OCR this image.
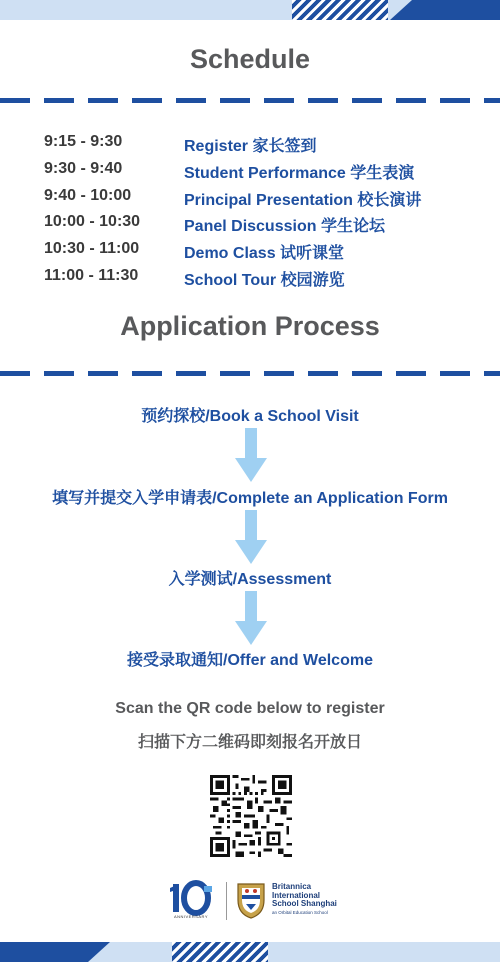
Schedule
9:15 - 9:30	Register 家长签到
9:30 - 9:40	Student Performance 学生表演
9:40 - 10:00	Principal Presentation 校长演讲
10:00 - 10:30	Panel Discussion 学生论坛
10:30 - 11:00	Demo Class 试听课堂
11:00 - 11:30	School Tour 校园游览
Application Process
预约探校/Book a School Visit
填写并提交入学申请表/Complete an Application Form
入学测试/Assessment
接受录取通知/Offer and Welcome
Scan the QR code below to register
扫描下方二维码即刻报名开放日
ANNIVERSARY
Britannica
International
School Shanghai
an Orbital Education School
